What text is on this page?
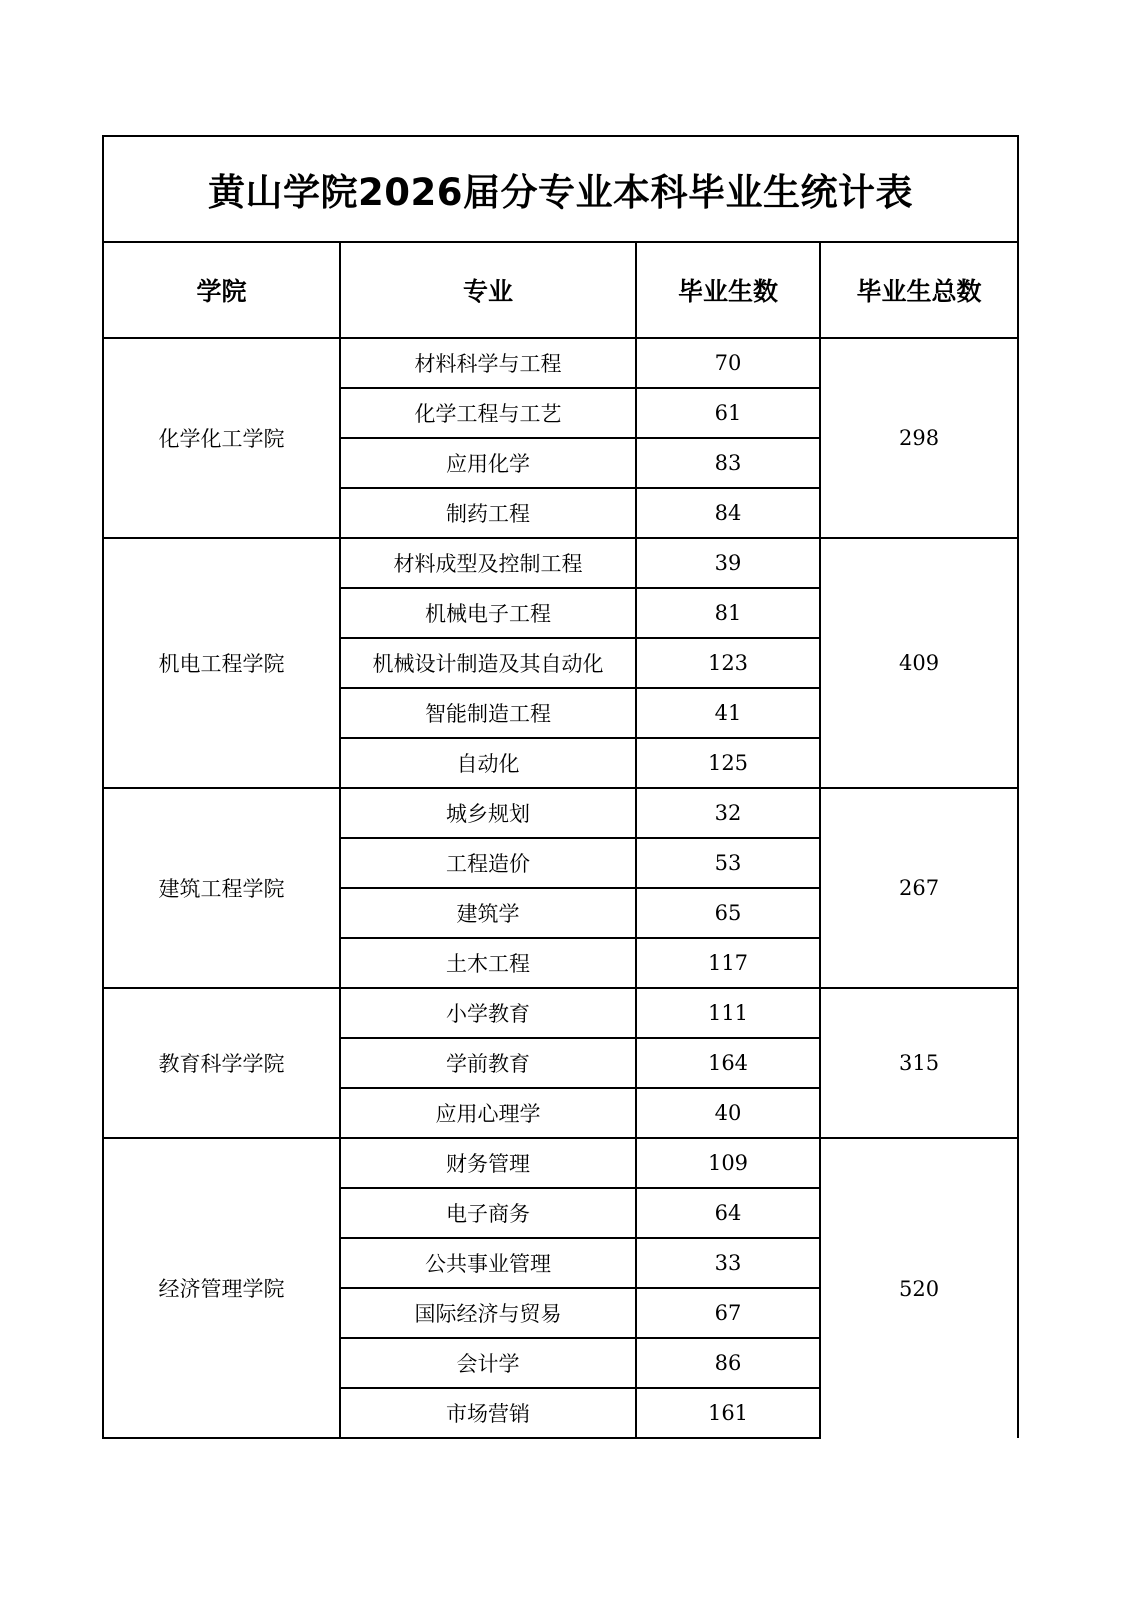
黄山学院2026届分专业本科毕业生统计表			
学院	专业	毕业生数	毕业生总数
化学化工学院	材料科学与工程	70	298
	化学工程与工艺	61	
	应用化学	83	
	制药工程	84	
机电工程学院	材料成型及控制工程	39	409
	机械电子工程	81	
	机械设计制造及其自动化	123	
	智能制造工程	41	
	自动化	125	
建筑工程学院	城乡规划	32	267
	工程造价	53	
	建筑学	65	
	土木工程	117	
教育科学学院	小学教育	111	315
	学前教育	164	
	应用心理学	40	
经济管理学院	财务管理	109	520
	电子商务	64	
	公共事业管理	33	
	国际经济与贸易	67	
	会计学	86	
	市场营销	161	
